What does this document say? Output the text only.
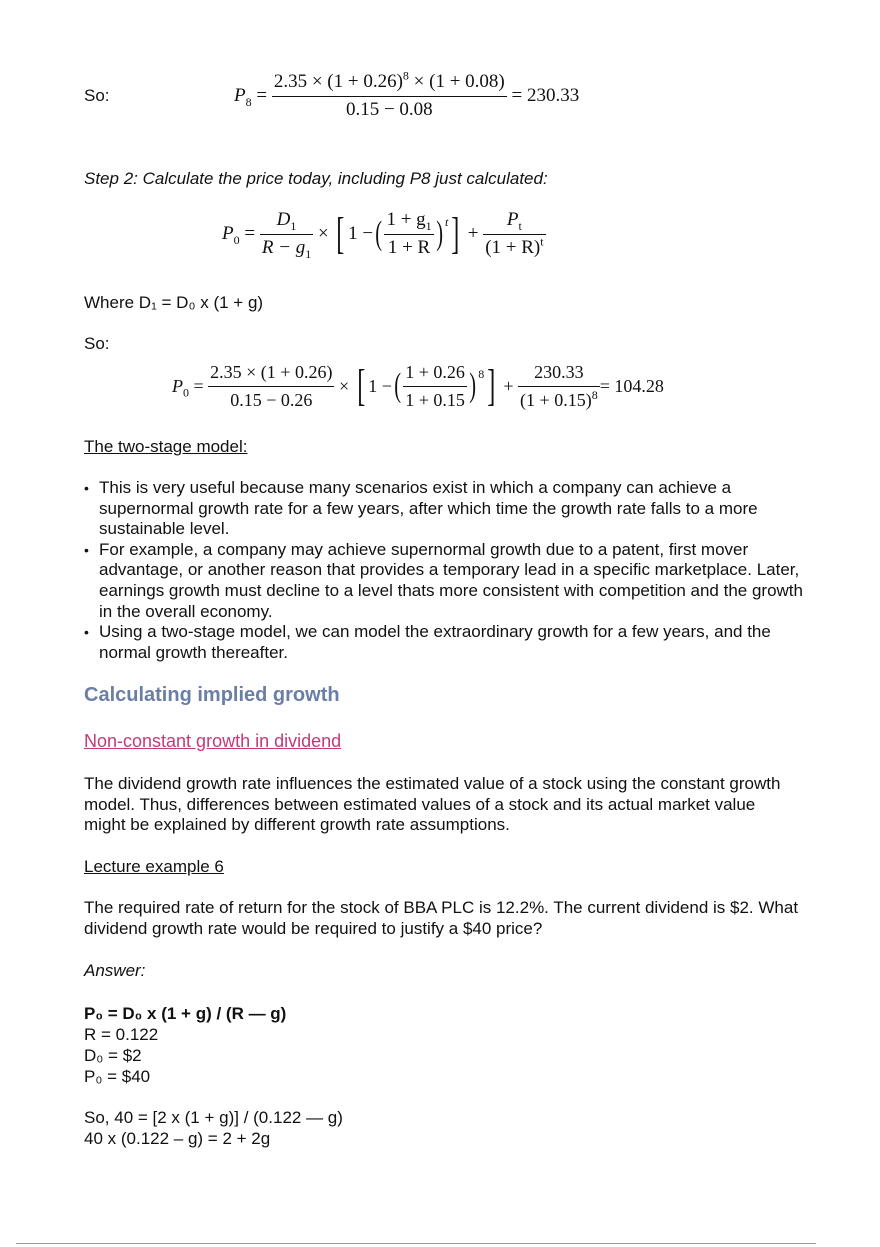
So:	$P_8 = \frac{2.35 \times (1 + 0.26)^8 \times (1 + 0.08)}{0.15 - 0.08}$
= 230.33
Step 2: Calculate the price today, including P8 just calculated:
$P_0 = \frac{D_1}{R - g_1}$ × [ 1 − ( $\frac{1 + g_1}{1 + R}$ ) $^t$ ] + $\frac{P_t}{(1 + R)^t}$
Where D₁ = D₀ x (1 + g)
So:
$P_0 = \frac{2.35 \times (1 + 0.26)}{0.15 - 0.26}$ × [ 1 − ( $\frac{1 + 0.26}{1 + 0.15} )^8$ ] + $\frac{230.33}{(1 + 0.15)^8} = 104.28$
The two-stage model:
• This is very useful because many scenarios exist in which a company can achieve a supernormal growth rate for a few years, after which time the growth rate falls to a more sustainable level.
• For example, a company may achieve supernormal growth due to a patent, first mover advantage, or another reason that provides a temporary lead in a specific marketplace. Later, earnings growth must decline to a level thats more consistent with competition and the growth in the overall economy.
• Using a two-stage model, we can model the extraordinary growth for a few years, and the normal growth thereafter.
Calculating implied growth
Non-constant growth in dividend
The dividend growth rate influences the estimated value of a stock using the constant growth model. Thus, differences between estimated values of a stock and its actual market value might be explained by different growth rate assumptions.
Lecture example 6
The required rate of return for the stock of BBA PLC is 12.2%. The current dividend is $2. What dividend growth rate would be required to justify a $40 price?
Answer:
P₀ = D₀ x (1 + g) / (R — g)
R = 0.122
D₀ = $2
P₀ = $40
So, 40 = [2 x (1 + g)] / (0.122 — g)
40 x (0.122 – g) = 2 + 2g
